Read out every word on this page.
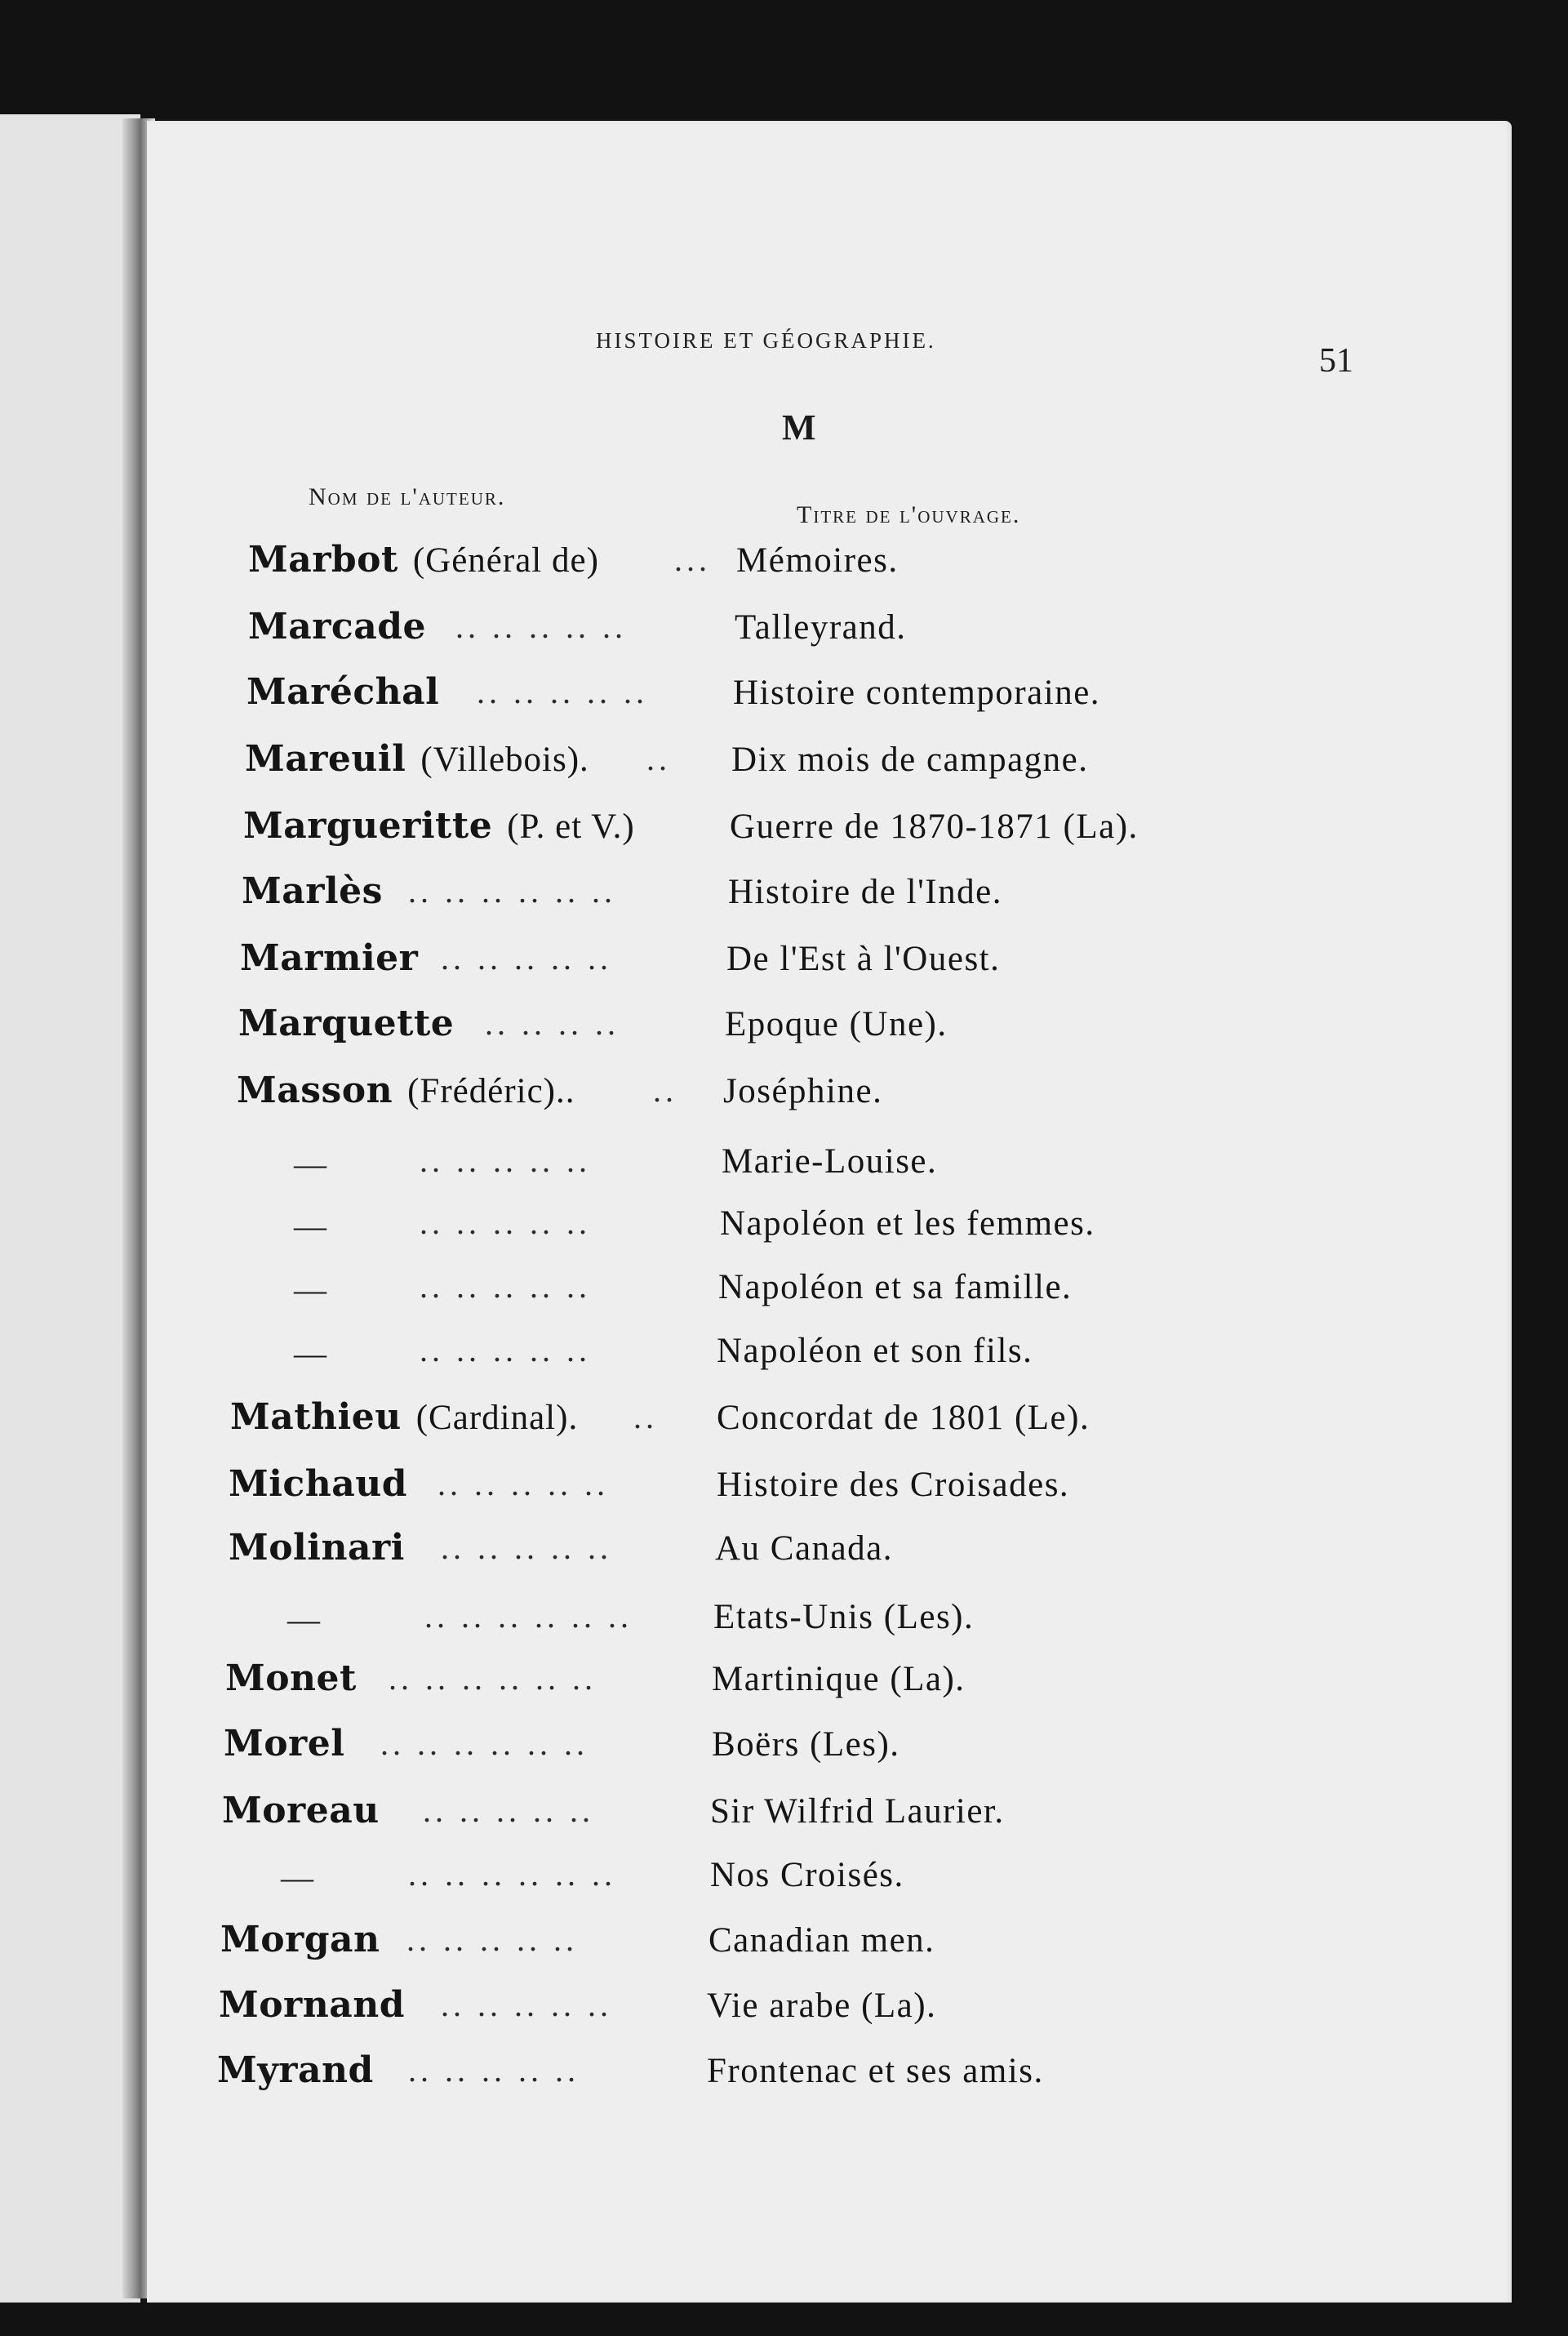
HISTOIRE ET GÉOGRAPHIE.
51
M
Nom de l'auteur.
Titre de l'ouvrage.
Marbot (Général de) ... Mémoires.
Marcade .. .. .. .. ..	Talleyrand.
Maréchal .. .. .. .. .. Histoire contemporaine.
Mareuil (Villebois). .. Dix mois de campagne.
Margueritte (P. et V.)	Guerre de 1870-1871 (La).
Marlès .. .. .. .. .. ..	Histoire de l'Inde.
Marmier .. .. .. .. ..	De l'Est à l'Ouest.
Marquette .. .. .. ..	Epoque (Une).
Masson (Frédéric).. .. Joséphine.
—	.. .. .. .. ..	Marie-Louise.
—	.. .. .. .. ..	Napoléon et les femmes.
—	.. .. .. .. ..	Napoléon et sa famille.
—	.. .. .. .. ..	Napoléon et son fils.
Mathieu (Cardinal). .. Concordat de 1801 (Le).
Michaud .. .. .. .. ..	Histoire des Croisades.
Molinari .. .. .. .. ..	Au Canada.
—	.. .. .. .. .. .. Etats-Unis (Les).
Monet .. .. .. .. .. ..	Martinique (La).
Morel .. .. .. .. .. ..	Boërs (Les).
Moreau .. .. .. .. ..	Sir Wilfrid Laurier.
—	.. .. .. .. .. ..	Nos Croisés.
Morgan .. .. .. .. ..	Canadian men.
Mornand .. .. .. .. ..	Vie arabe (La).
Myrand .. .. .. .. ..	Frontenac et ses amis.
